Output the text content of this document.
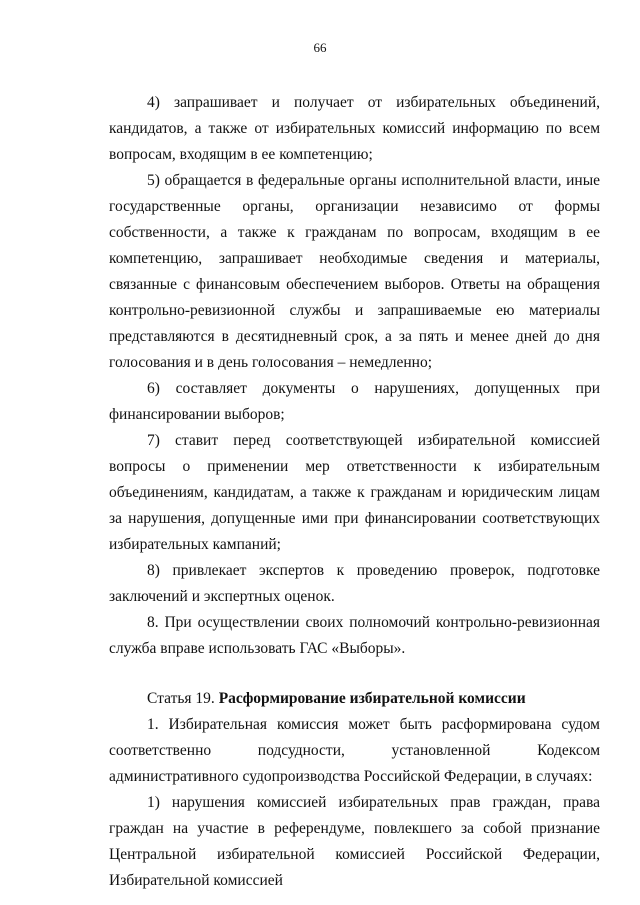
66

4) запрашивает и получает от избирательных объединений, кандидатов, а также от избирательных комиссий информацию по всем вопросам, входящим в ее компетенцию;

5) обращается в федеральные органы исполнительной власти, иные государственные органы, организации независимо от формы собственности, а также к гражданам по вопросам, входящим в ее компетенцию, запрашивает необходимые сведения и материалы, связанные с финансовым обеспечением выборов. Ответы на обращения контрольно-ревизионной службы и запрашиваемые ею материалы представляются в десятидневный срок, а за пять и менее дней до дня голосования и в день голосования – немедленно;

6) составляет документы о нарушениях, допущенных при финансировании выборов;

7) ставит перед соответствующей избирательной комиссией вопросы о применении мер ответственности к избирательным объединениям, кандидатам, а также к гражданам и юридическим лицам за нарушения, допущенные ими при финансировании соответствующих избирательных кампаний;

8) привлекает экспертов к проведению проверок, подготовке заключений и экспертных оценок.

8. При осуществлении своих полномочий контрольно-ревизионная служба вправе использовать ГАС «Выборы».

Статья 19. Расформирование избирательной комиссии

1. Избирательная комиссия может быть расформирована судом соответственно подсудности, установленной Кодексом административного судопроизводства Российской Федерации, в случаях:

1) нарушения комиссией избирательных прав граждан, права граждан на участие в референдуме, повлекшего за собой признание Центральной избирательной комиссией Российской Федерации, Избирательной комиссией
